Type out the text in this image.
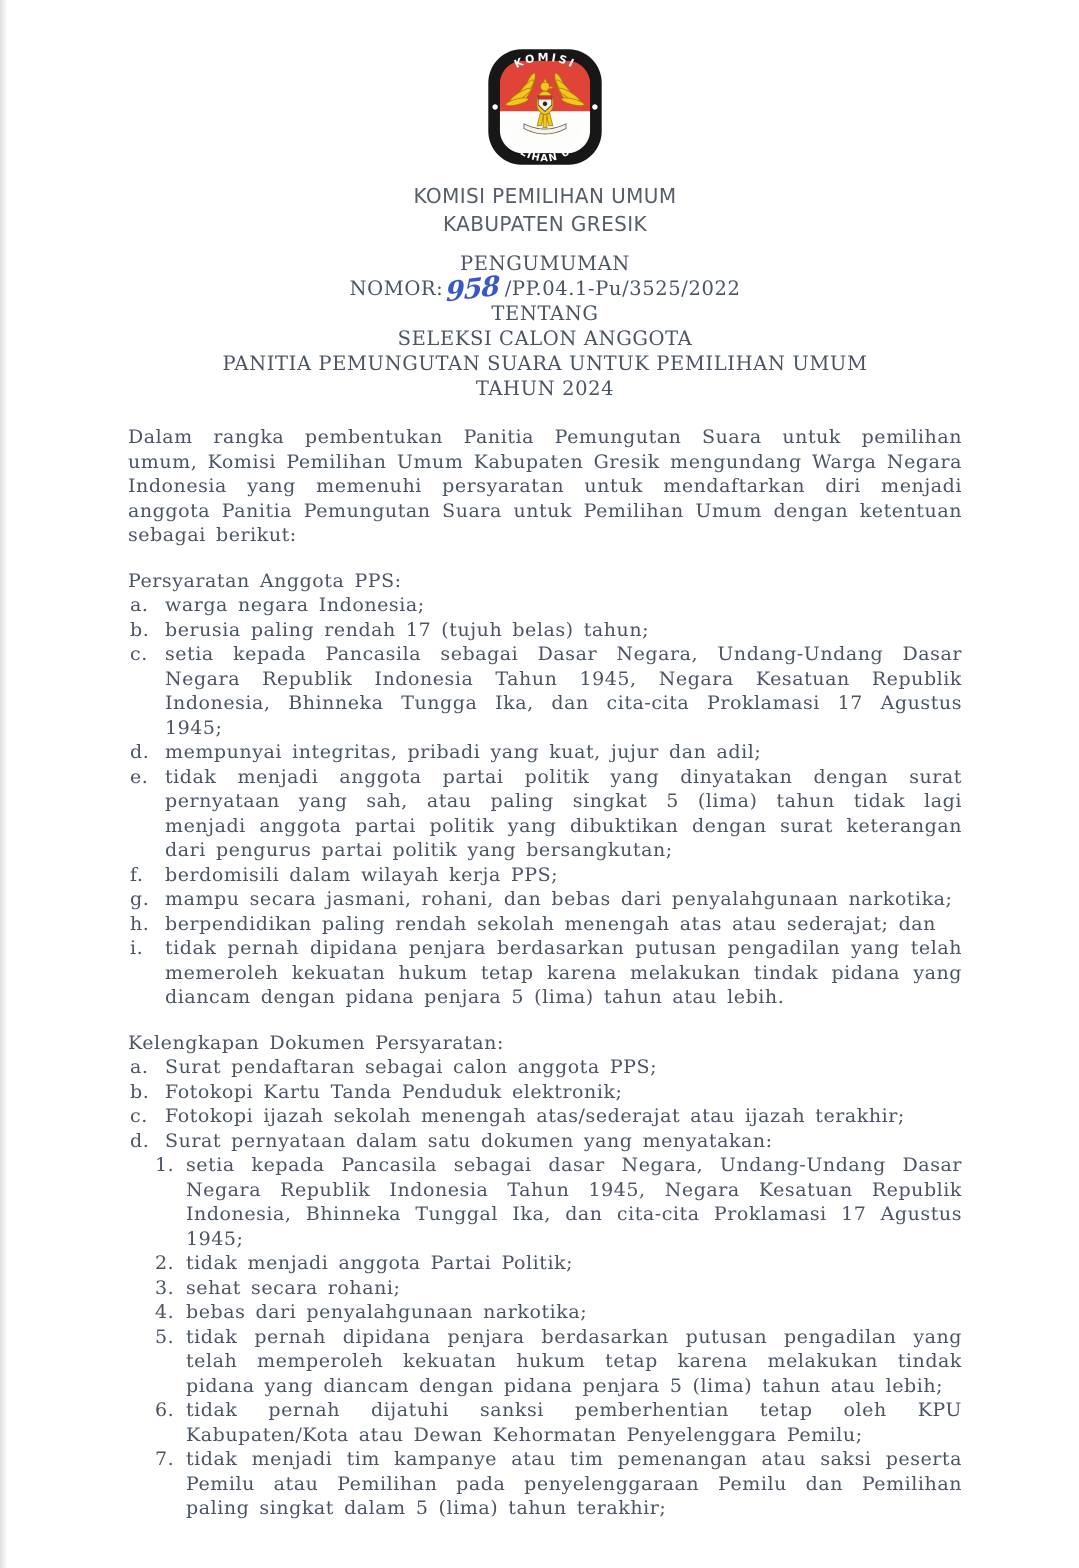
KOMISI
PEMILIHAN UMUM
KOMISI PEMILIHAN UMUM
KABUPATEN GRESIK
PENGUMUMAN
NOMOR: 958 /PP.04.1-Pu/3525/2022
TENTANG
SELEKSI CALON ANGGOTA
PANITIA PEMUNGUTAN SUARA UNTUK PEMILIHAN UMUM
TAHUN 2024
Dalam rangka pembentukan Panitia Pemungutan Suara untuk pemilihan umum, Komisi Pemilihan Umum Kabupaten Gresik mengundang Warga Negara Indonesia yang memenuhi persyaratan untuk mendaftarkan diri menjadi anggota Panitia Pemungutan Suara untuk Pemilihan Umum dengan ketentuan sebagai berikut:
Persyaratan Anggota PPS:
a. warga negara Indonesia;
b. berusia paling rendah 17 (tujuh belas) tahun;
c. setia kepada Pancasila sebagai Dasar Negara, Undang-Undang Dasar Negara Republik Indonesia Tahun 1945, Negara Kesatuan Republik Indonesia, Bhinneka Tungga Ika, dan cita-cita Proklamasi 17 Agustus 1945;
d. mempunyai integritas, pribadi yang kuat, jujur dan adil;
e. tidak menjadi anggota partai politik yang dinyatakan dengan surat pernyataan yang sah, atau paling singkat 5 (lima) tahun tidak lagi menjadi anggota partai politik yang dibuktikan dengan surat keterangan dari pengurus partai politik yang bersangkutan;
f. berdomisili dalam wilayah kerja PPS;
g. mampu secara jasmani, rohani, dan bebas dari penyalahgunaan narkotika;
h. berpendidikan paling rendah sekolah menengah atas atau sederajat; dan
i. tidak pernah dipidana penjara berdasarkan putusan pengadilan yang telah memeroleh kekuatan hukum tetap karena melakukan tindak pidana yang diancam dengan pidana penjara 5 (lima) tahun atau lebih.
Kelengkapan Dokumen Persyaratan:
a. Surat pendaftaran sebagai calon anggota PPS;
b. Fotokopi Kartu Tanda Penduduk elektronik;
c. Fotokopi ijazah sekolah menengah atas/sederajat atau ijazah terakhir;
d. Surat pernyataan dalam satu dokumen yang menyatakan:
1. setia kepada Pancasila sebagai dasar Negara, Undang-Undang Dasar Negara Republik Indonesia Tahun 1945, Negara Kesatuan Republik Indonesia, Bhinneka Tunggal Ika, dan cita-cita Proklamasi 17 Agustus 1945;
2. tidak menjadi anggota Partai Politik;
3. sehat secara rohani;
4. bebas dari penyalahgunaan narkotika;
5. tidak pernah dipidana penjara berdasarkan putusan pengadilan yang telah memperoleh kekuatan hukum tetap karena melakukan tindak pidana yang diancam dengan pidana penjara 5 (lima) tahun atau lebih;
6. tidak pernah dijatuhi sanksi pemberhentian tetap oleh KPU Kabupaten/Kota atau Dewan Kehormatan Penyelenggara Pemilu;
7. tidak menjadi tim kampanye atau tim pemenangan atau saksi peserta Pemilu atau Pemilihan pada penyelenggaraan Pemilu dan Pemilihan paling singkat dalam 5 (lima) tahun terakhir;
